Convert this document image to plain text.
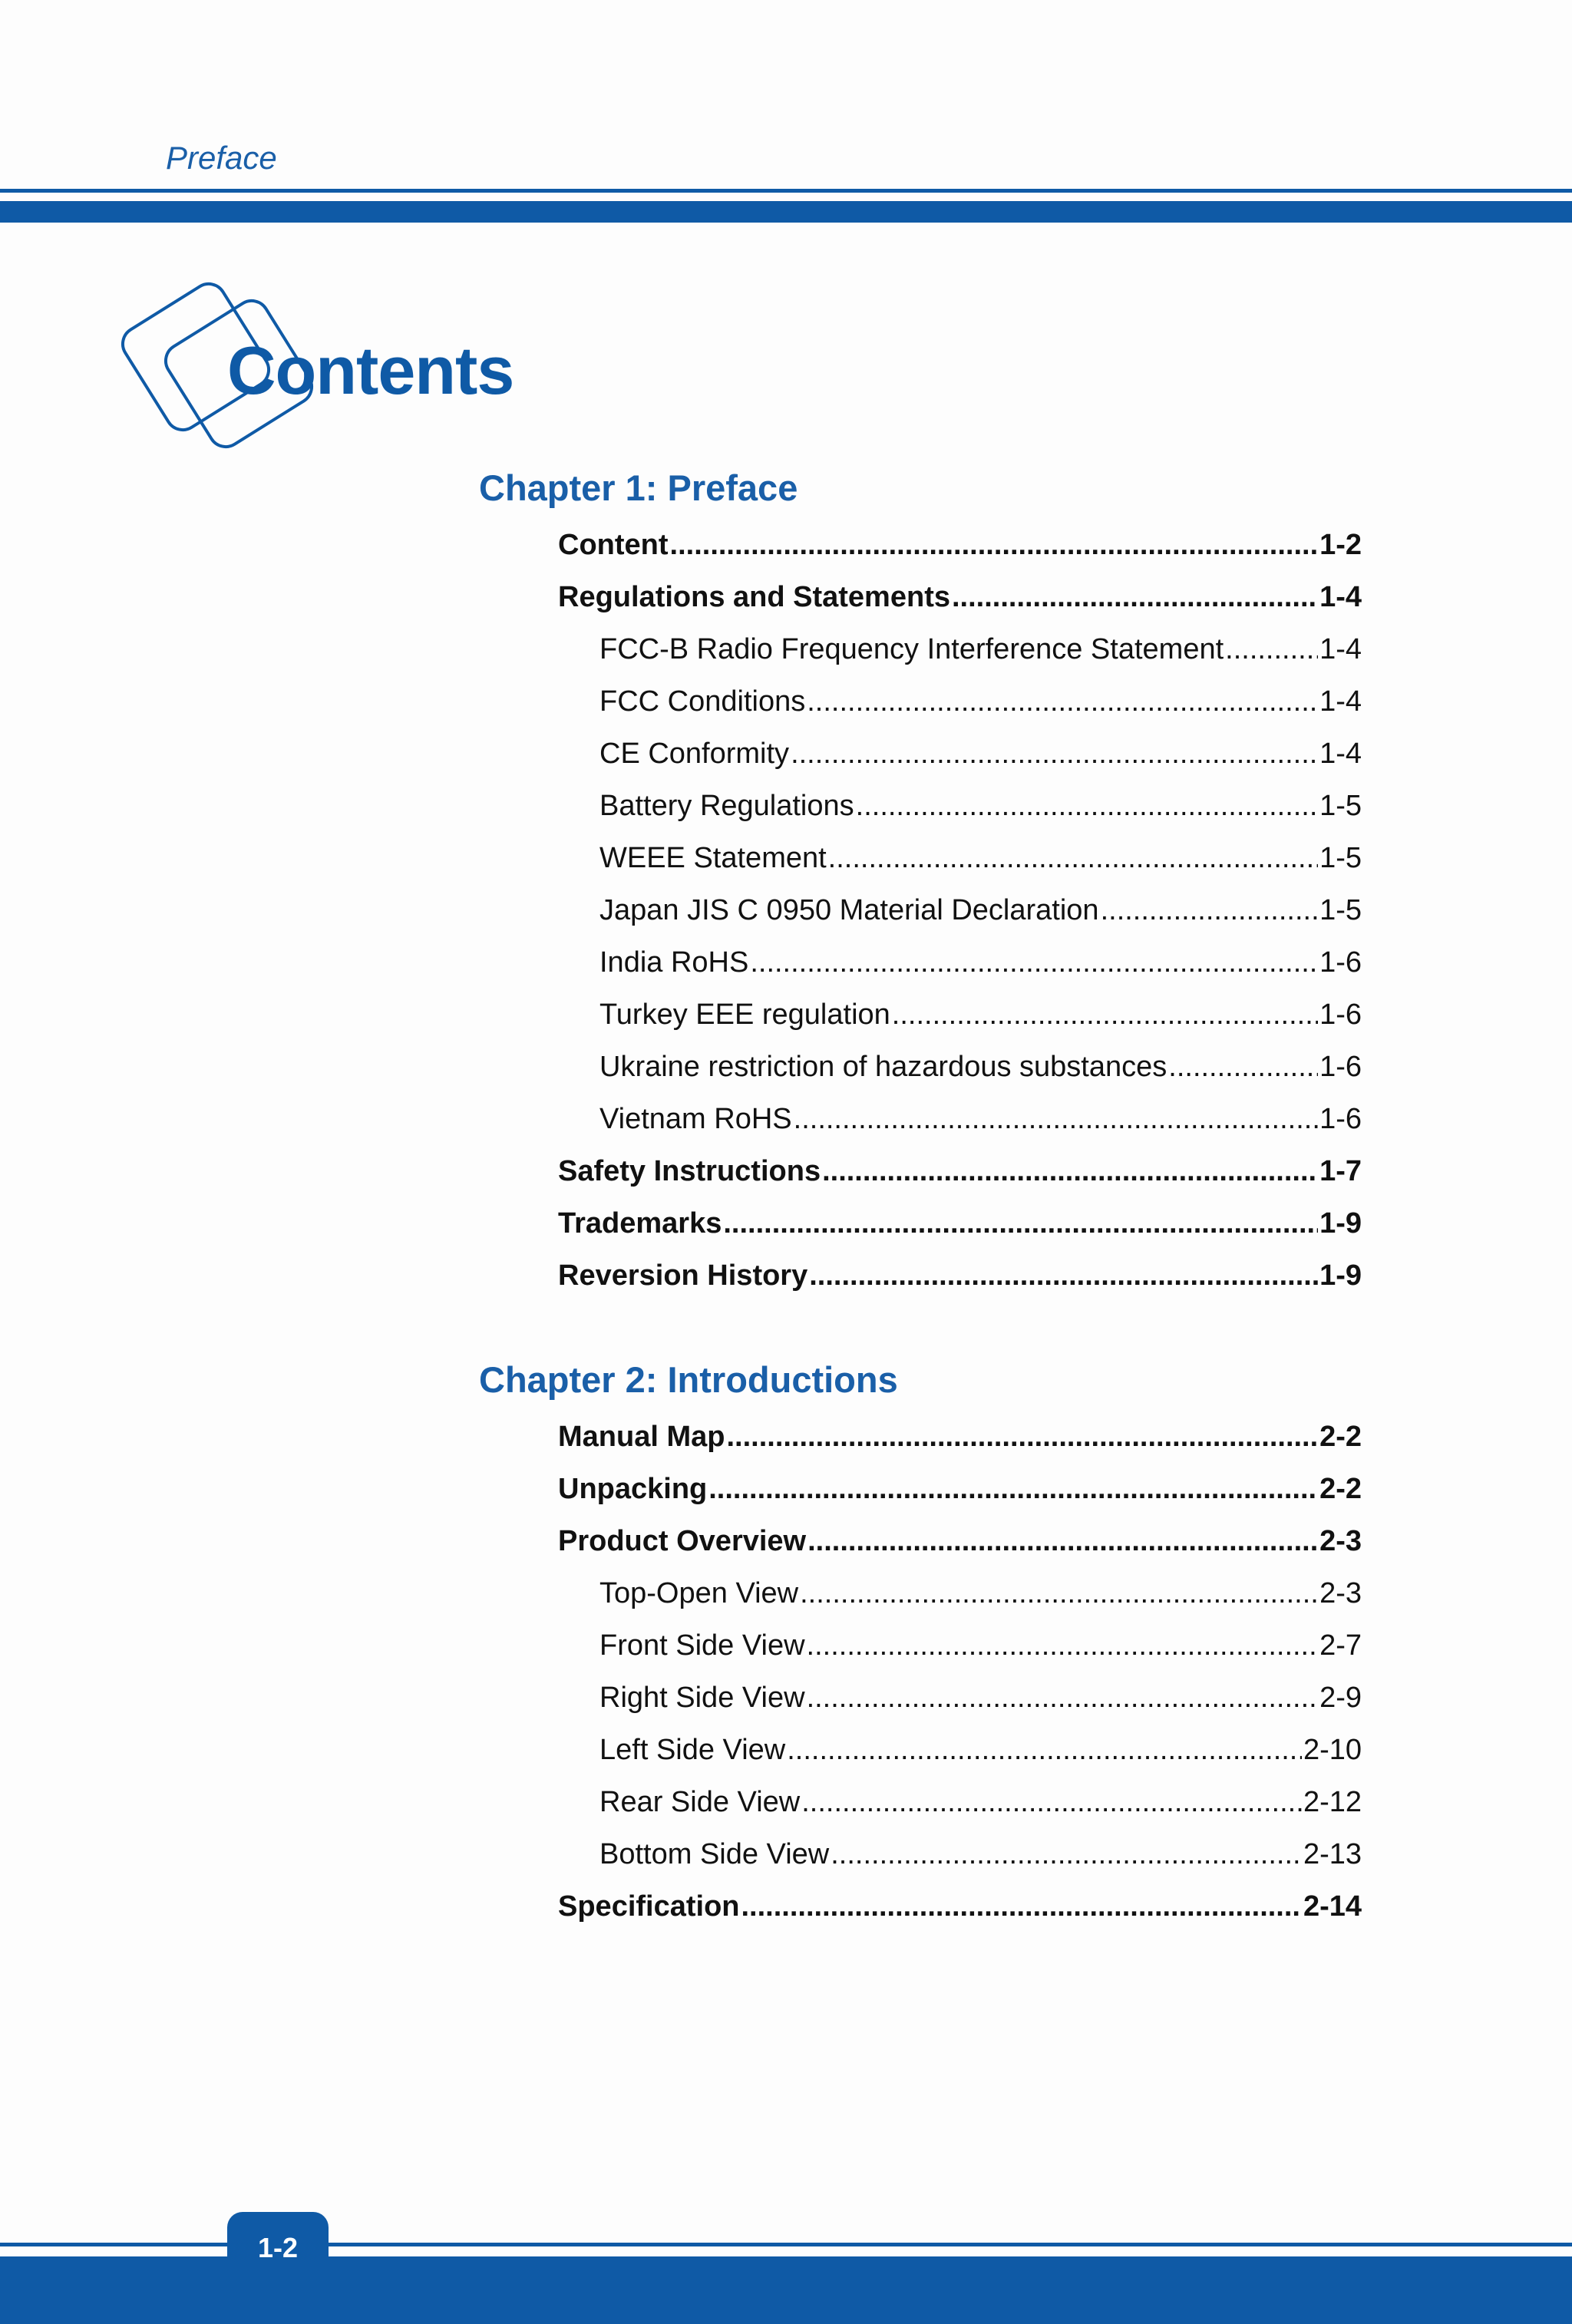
Preface
Contents
Chapter 1: Preface
Content .....	1-2
Regulations and Statements .....	1-4
FCC-B Radio Frequency Interference Statement .....	1-4
FCC Conditions .....	1-4
CE Conformity .....	1-4
Battery Regulations .....	1-5
WEEE Statement .....	1-5
Japan JIS C 0950 Material Declaration .....	1-5
India RoHS .....	1-6
Turkey EEE regulation .....	1-6
Ukraine restriction of hazardous substances .....	1-6
Vietnam RoHS .....	1-6
Safety Instructions .....	1-7
Trademarks .....	1-9
Reversion History .....	1-9
Chapter 2: Introductions
Manual Map .....	2-2
Unpacking .....	2-2
Product Overview .....	2-3
Top-Open View .....	2-3
Front Side View .....	2-7
Right Side View .....	2-9
Left Side View .....	2-10
Rear Side View .....	2-12
Bottom Side View .....	2-13
Specification .....	2-14
1-2
